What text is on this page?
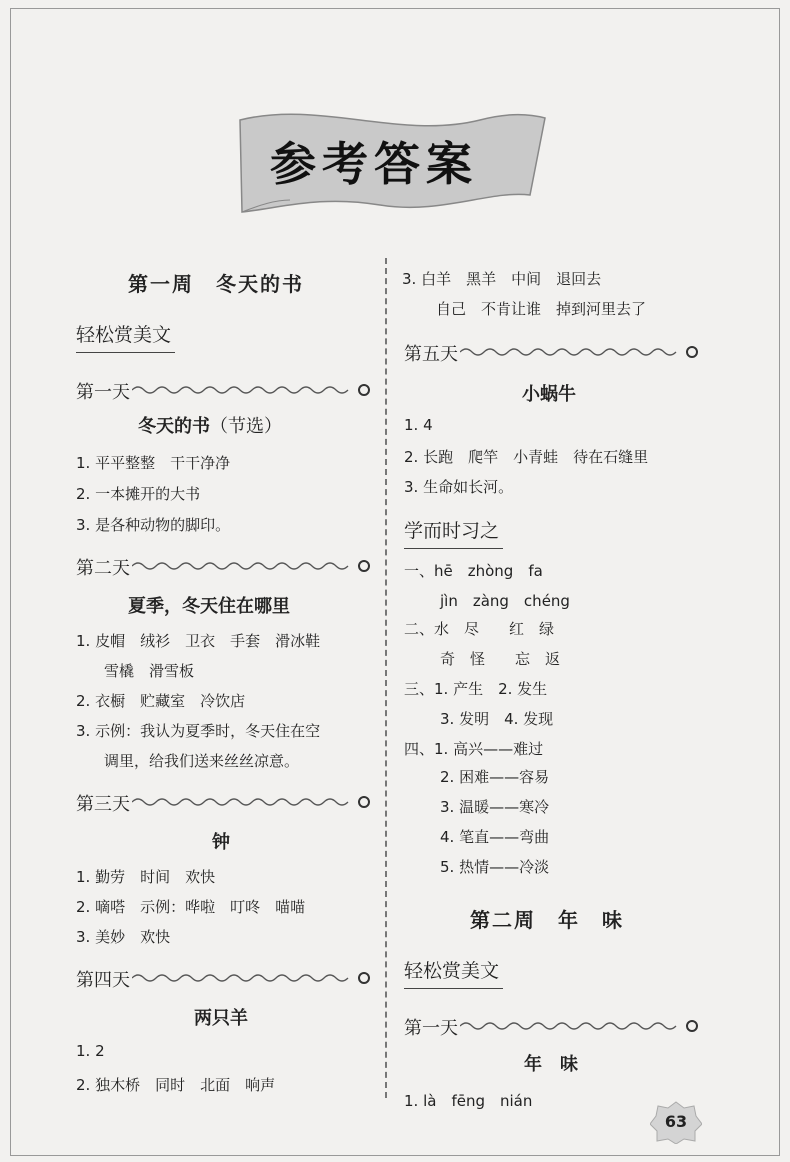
参考答案
第一周　冬天的书
轻松赏美文
第一天
冬天的书（节选）
1. 平平整整　干干净净
2. 一本摊开的大书
3. 是各种动物的脚印。
第二天
夏季，冬天住在哪里
1. 皮帽　绒衫　卫衣　手套　滑冰鞋
雪橇　滑雪板
2. 衣橱　贮藏室　冷饮店
3. 示例：我认为夏季时，冬天住在空
调里，给我们送来丝丝凉意。
第三天
钟
1. 勤劳　时间　欢快
2. 嘀嗒　示例：哗啦　叮咚　喵喵
3. 美妙　欢快
第四天
两只羊
1. 2
2. 独木桥　同时　北面　响声
3. 白羊　黑羊　中间　退回去
自己　不肯让谁　掉到河里去了
第五天
小蜗牛
1. 4
2. 长跑　爬竿　小青蛙　待在石缝里
3. 生命如长河。
学而时习之
一、hē　zhòng　fa
jìn　zàng　chéng
二、水　尽　　红　绿
奇　怪　　忘　返
三、1. 产生　2. 发生
3. 发明　4. 发现
四、1. 高兴——难过
2. 困难——容易
3. 温暖——寒冷
4. 笔直——弯曲
5. 热情——冷淡
第二周　年　味
轻松赏美文
第一天
年　味
1. là　fēng　nián
63
